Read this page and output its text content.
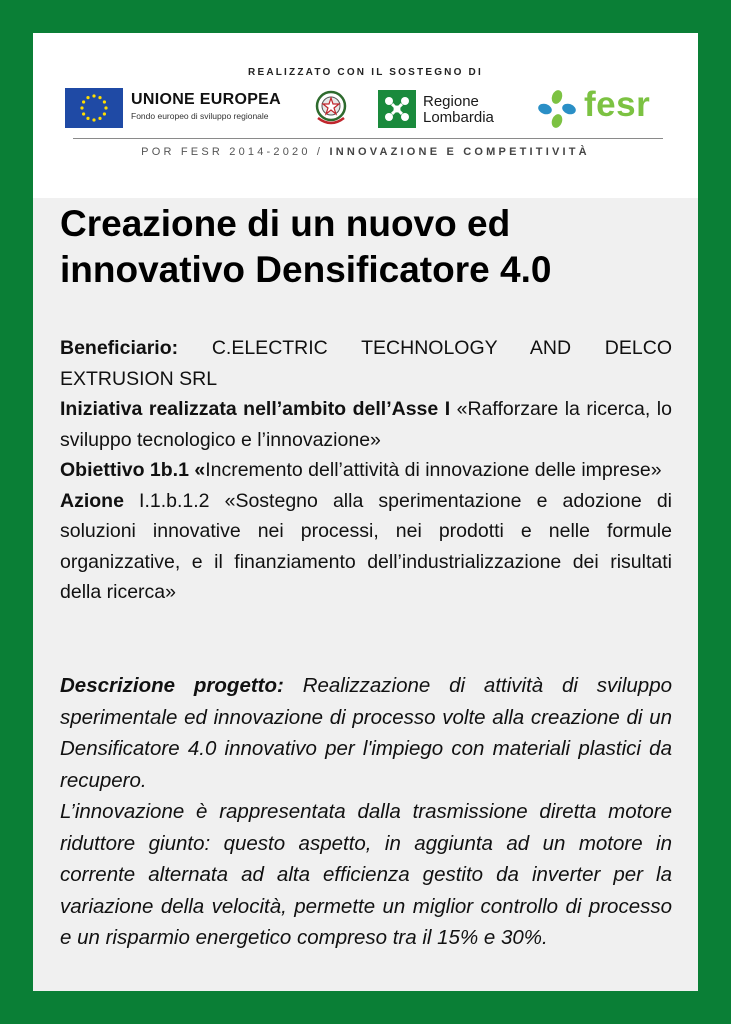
REALIZZATO CON IL SOSTEGNO DI
UNIONE EUROPEA
Fondo europeo di sviluppo regionale
Regione
Lombardia	fesr
POR FESR 2014-2020 / INNOVAZIONE E COMPETITIVITÀ
Creazione di un nuovo ed
innovativo Densificatore 4.0

Beneficiario: C.ELECTRIC TECHNOLOGY AND DELCO EXTRUSION SRL

Iniziativa realizzata nell’ambito dell’Asse I «Rafforzare la ricerca, lo sviluppo tecnologico e l’innovazione»

Obiettivo 1b.1 «Incremento dell’attività di innovazione delle imprese»

Azione I.1.b.1.2 «Sostegno alla sperimentazione e adozione di soluzioni innovative nei processi, nei prodotti e nelle formule organizzative, e il finanziamento dell’industrializzazione dei risultati della ricerca»

Descrizione progetto: Realizzazione di attività di sviluppo sperimentale ed innovazione di processo volte alla creazione di un Densificatore 4.0 innovativo per l'impiego con materiali plastici da recupero.

L’innovazione è rappresentata dalla trasmissione diretta motore riduttore giunto: questo aspetto, in aggiunta ad un motore in corrente alternata ad alta efficienza gestito da inverter per la variazione della velocità, permette un miglior controllo di processo e un risparmio energetico compreso tra il 15% e 30%.
